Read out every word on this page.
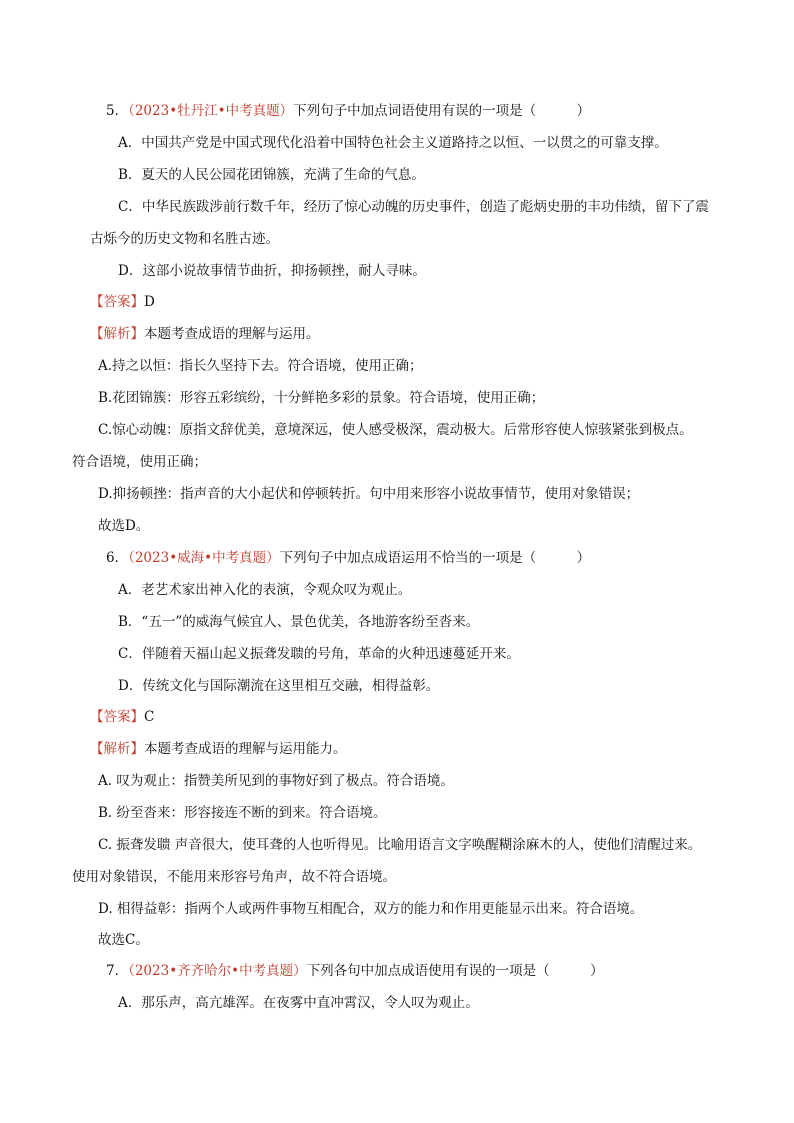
5．（2023•牡丹江•中考真题）下列句子中加点词语使用有误的一项是（　　　）
A．中国共产党是中国式现代化沿着中国特色社会主义道路持之以恒、一以贯之的可靠支撑。
B．夏天的人民公园花团锦簇，充满了生命的气息。
C．中华民族跋涉前行数千年，经历了惊心动魄的历史事件，创造了彪炳史册的丰功伟绩，留下了震
古烁今的历史文物和名胜古迹。
D．这部小说故事情节曲折，抑扬顿挫，耐人寻味。
【答案】D
【解析】本题考查成语的理解与运用。
A.持之以恒：指长久坚持下去。符合语境，使用正确；
B.花团锦簇：形容五彩缤纷，十分鲜艳多彩的景象。符合语境，使用正确；
C.惊心动魄：原指文辞优美，意境深远，使人感受极深，震动极大。后常形容使人惊骇紧张到极点。
符合语境，使用正确；
D.抑扬顿挫：指声音的大小起伏和停顿转折。句中用来形容小说故事情节，使用对象错误；
故选D。
6．（2023•威海•中考真题）下列句子中加点成语运用不恰当的一项是（　　　）
A．老艺术家出神入化的表演，令观众叹为观止。
B．“五一”的威海气候宜人、景色优美，各地游客纷至沓来。
C．伴随着天福山起义振聋发聩的号角，革命的火种迅速蔓延开来。
D．传统文化与国际潮流在这里相互交融，相得益彰。
【答案】C
【解析】本题考查成语的理解与运用能力。
A. 叹为观止：指赞美所见到的事物好到了极点。符合语境。
B. 纷至沓来：形容接连不断的到来。符合语境。
C. 振聋发聩 声音很大，使耳聋的人也听得见。比喻用语言文字唤醒糊涂麻木的人，使他们清醒过来。
使用对象错误，不能用来形容号角声，故不符合语境。
D. 相得益彰：指两个人或两件事物互相配合，双方的能力和作用更能显示出来。符合语境。
故选C。
7．（2023•齐齐哈尔•中考真题）下列各句中加点成语使用有误的一项是（　　　）
A．那乐声，高亢雄浑。在夜雾中直冲霄汉，令人叹为观止。
